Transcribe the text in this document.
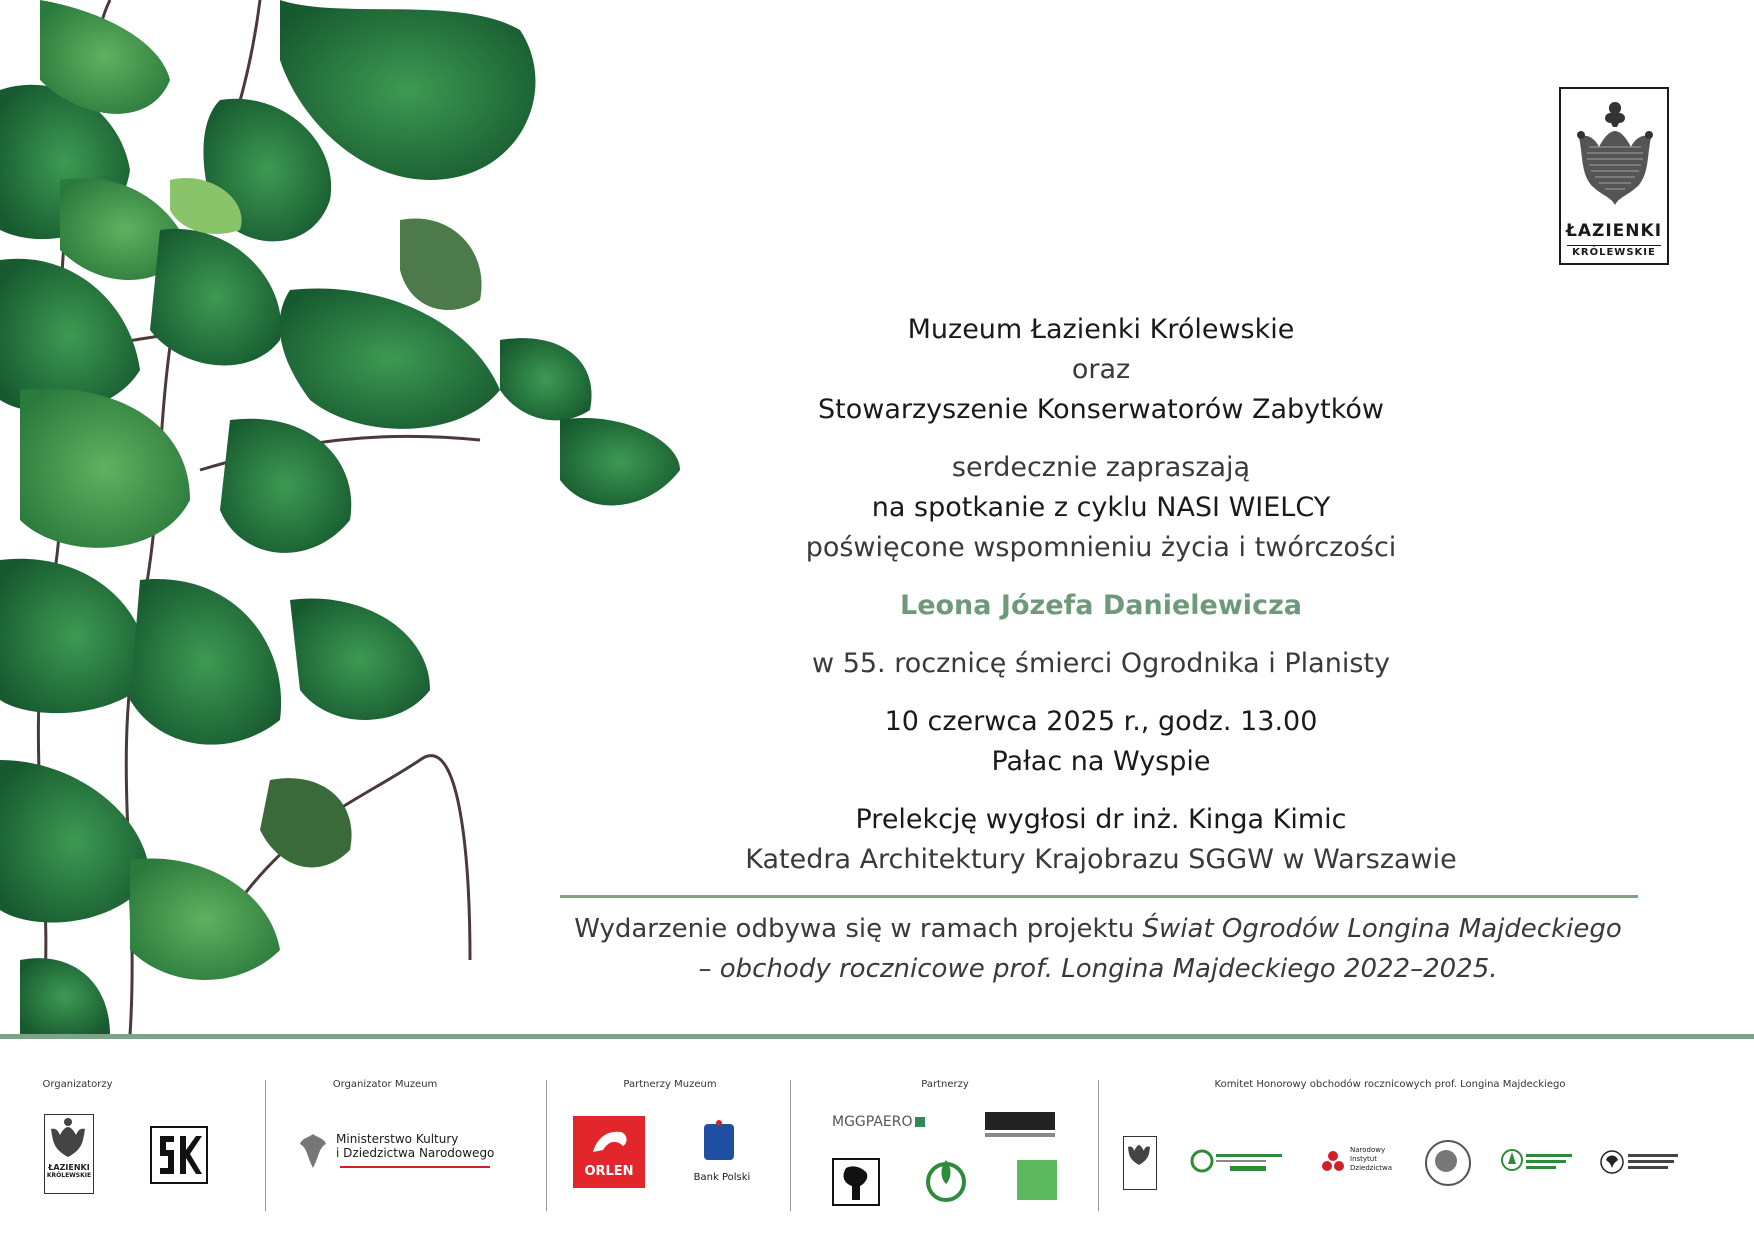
ŁAZIENKI
KRÓLEWSKIE
Muzeum Łazienki Królewskie
oraz
Stowarzyszenie Konserwatorów Zabytków
serdecznie zapraszają
na spotkanie z cyklu NASI WIELCY
poświęcone wspomnieniu życia i twórczości
Leona Józefa Danielewicza
w 55. rocznicę śmierci Ogrodnika i Planisty
10 czerwca 2025 r., godz. 13.00
Pałac na Wyspie
Prelekcję wygłosi dr inż. Kinga Kimic
Katedra Architektury Krajobrazu SGGW w Warszawie
Wydarzenie odbywa się w ramach projektu Świat Ogrodów Longina Majdeckiego
– obchody rocznicowe prof. Longina Majdeckiego 2022–2025.
Organizatorzy	Organizator Muzeum	Partnerzy Muzeum	Partnerzy	Komitet Honorowy obchodów rocznicowych prof. Longina Majdeckiego
ŁAZIENKI
KRÓLEWSKIE
Ministerstwo Kultury
i Dziedzictwa Narodowego
ORLEN	Bank Polski
MGGPAERO
Narodowy
Instytut
Dziedzictwa
